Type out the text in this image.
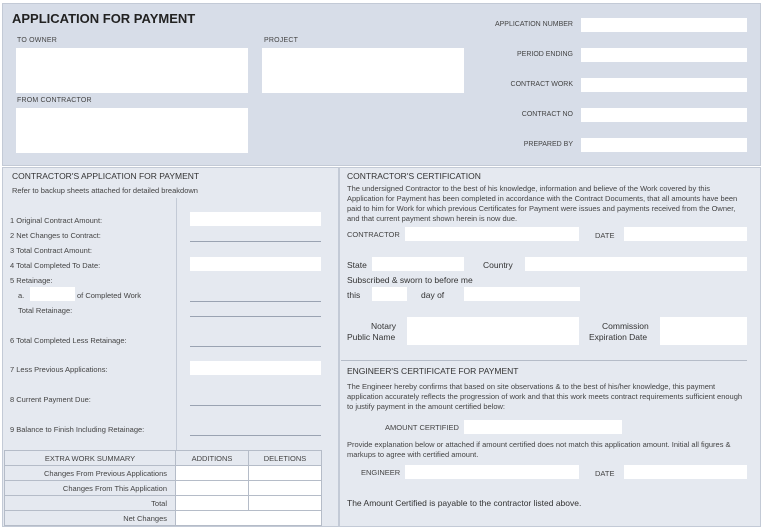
APPLICATION FOR PAYMENT
TO OWNER	PROJECT
FROM CONTRACTOR
APPLICATION NUMBER
PERIOD ENDING
CONTRACT WORK
CONTRACT NO
PREPARED BY
CONTRACTOR'S APPLICATION FOR PAYMENT
Refer to backup sheets attached for detailed breakdown
1 Original Contract Amount:
2 Net Changes to Contract:
3 Total Contract Amount:
4 Total Completed To Date:
5 Retainage:
a.	of Completed Work
Total Retainage:
6 Total Completed Less Retainage:
7 Less Previous Applications:
8 Current Payment Due:
9 Balance to Finish Including Retainage:
EXTRA WORK SUMMARY	ADDITIONS	DELETIONS
Changes From Previous Applications
Changes From This Application
Total
Net Changes
CONTRACTOR'S CERTIFICATION
The undersigned Contractor to the best of his knowledge, information and believe of the Work covered by this Application for Payment has been completed in accordance with the Contract Documents, that all amounts have been paid to him for Work for which previous Certificates for Payment were issues and payments received from the Owner, and that current payment shown herein is now due.
CONTRACTOR	DATE
State	Country
Subscribed & sworn to before me
this	day of
Notary
Public Name
Commission
Expiration Date
ENGINEER'S CERTIFICATE FOR PAYMENT
The Engineer hereby confirms that based on site observations & to the best of his/her knowledge, this payment application accurately reflects the progression of work and that this work meets contract requirements sufficient enough to justify payment in the amount certified below:
AMOUNT CERTIFIED
Provide explanation below or attached if amount certified does not match this application amount. Initial all figures & markups to agree with certified amount.
ENGINEER	DATE
The Amount Certified is payable to the contractor listed above.
